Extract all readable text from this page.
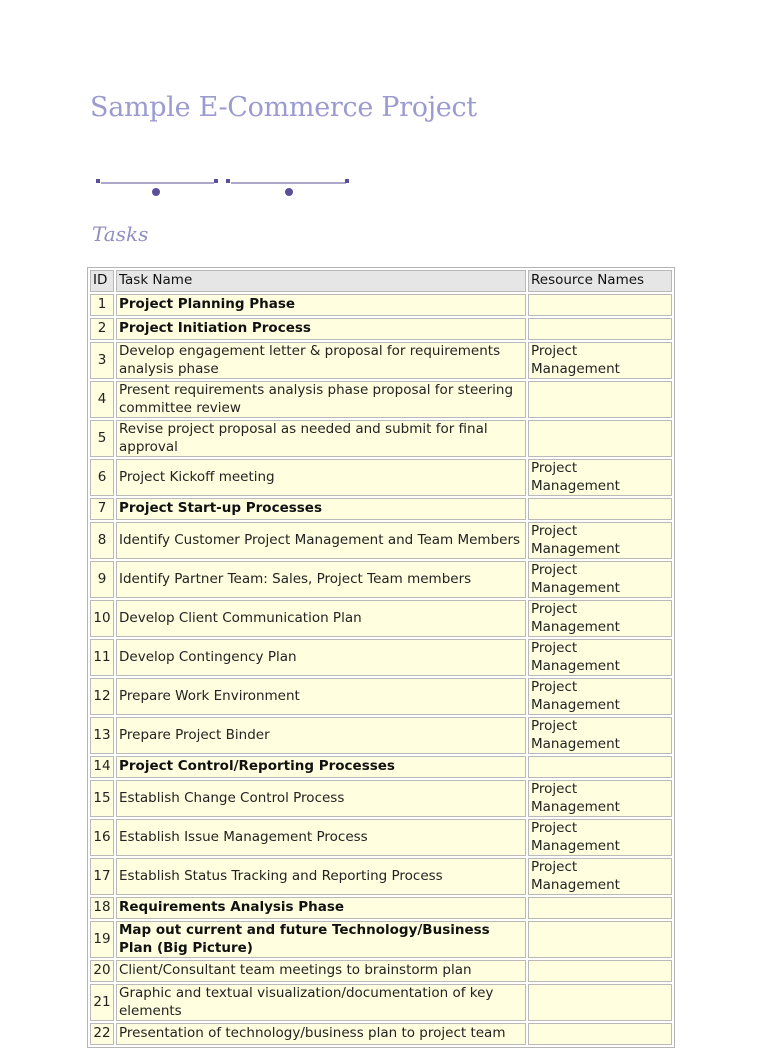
Sample E-Commerce Project
Tasks
ID	Task Name	Resource Names
1	Project Planning Phase	
2	Project Initiation Process	
3	Develop engagement letter & proposal for requirements analysis phase	Project Management
4	Present requirements analysis phase proposal for steering committee review	
5	Revise project proposal as needed and submit for final approval	
6	Project Kickoff meeting	Project Management
7	Project Start-up Processes	
8	Identify Customer Project Management and Team Members	Project Management
9	Identify Partner Team: Sales, Project Team members	Project Management
10	Develop Client Communication Plan	Project Management
11	Develop Contingency Plan	Project Management
12	Prepare Work Environment	Project Management
13	Prepare Project Binder	Project Management
14	Project Control/Reporting Processes	
15	Establish Change Control Process	Project Management
16	Establish Issue Management Process	Project Management
17	Establish Status Tracking and Reporting Process	Project Management
18	Requirements Analysis Phase	
19	Map out current and future Technology/Business Plan (Big Picture)	
20	Client/Consultant team meetings to brainstorm plan	
21	Graphic and textual visualization/documentation of key elements	
22	Presentation of technology/business plan to project team	
